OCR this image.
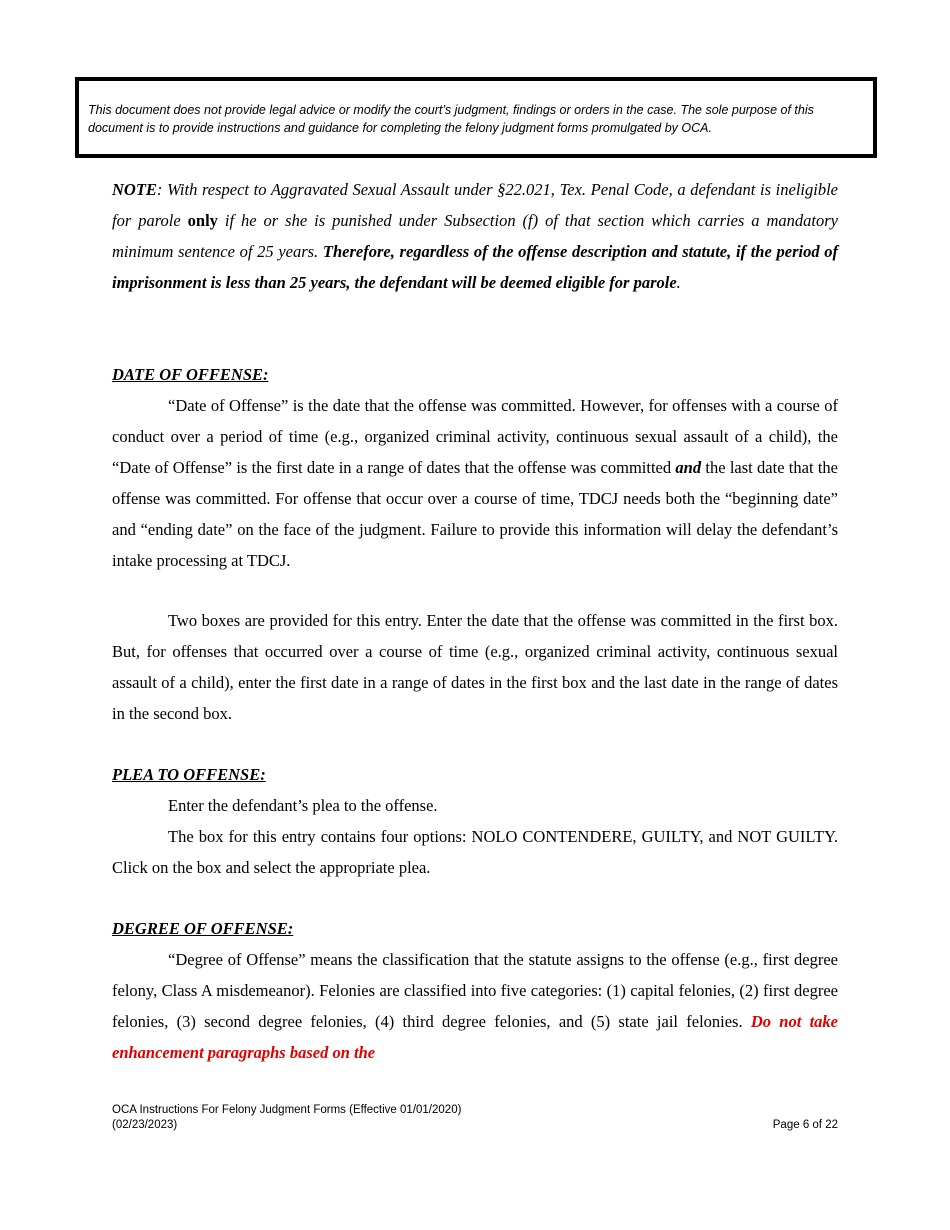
This document does not provide legal advice or modify the court’s judgment, findings or orders in the case. The sole purpose of this document is to provide instructions and guidance for completing the felony judgment forms promulgated by OCA.

NOTE: With respect to Aggravated Sexual Assault under §22.021, Tex. Penal Code, a defendant is ineligible for parole only if he or she is punished under Subsection (f) of that section which carries a mandatory minimum sentence of 25 years. Therefore, regardless of the offense description and statute, if the period of imprisonment is less than 25 years, the defendant will be deemed eligible for parole.

DATE OF OFFENSE:

“Date of Offense” is the date that the offense was committed. However, for offenses with a course of conduct over a period of time (e.g., organized criminal activity, continuous sexual assault of a child), the “Date of Offense” is the first date in a range of dates that the offense was committed and the last date that the offense was committed. For offense that occur over a course of time, TDCJ needs both the “beginning date” and “ending date” on the face of the judgment. Failure to provide this information will delay the defendant’s intake processing at TDCJ.

Two boxes are provided for this entry. Enter the date that the offense was committed in the first box. But, for offenses that occurred over a course of time (e.g., organized criminal activity, continuous sexual assault of a child), enter the first date in a range of dates in the first box and the last date in the range of dates in the second box.

PLEA TO OFFENSE:

Enter the defendant’s plea to the offense.

The box for this entry contains four options: NOLO CONTENDERE, GUILTY, and NOT GUILTY. Click on the box and select the appropriate plea.

DEGREE OF OFFENSE:

“Degree of Offense” means the classification that the statute assigns to the offense (e.g., first degree felony, Class A misdemeanor). Felonies are classified into five categories: (1) capital felonies, (2) first degree felonies, (3) second degree felonies, (4) third degree felonies, and (5) state jail felonies. Do not take enhancement paragraphs based on the

OCA Instructions For Felony Judgment Forms (Effective 01/01/2020)
(02/23/2023)	Page 6 of 22
